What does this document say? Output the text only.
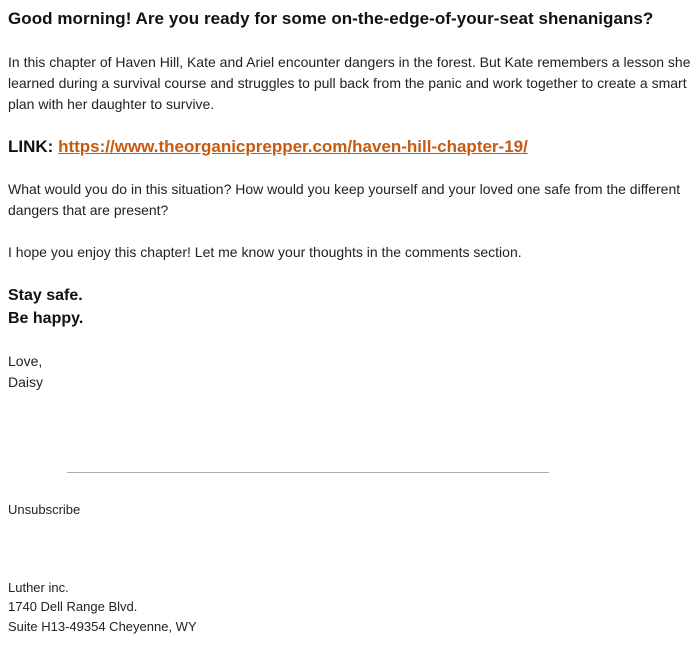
Good morning! Are you ready for some on-the-edge-of-your-seat shenanigans?
In this chapter of Haven Hill, Kate and Ariel encounter dangers in the forest. But Kate remembers a lesson she learned during a survival course and struggles to pull back from the panic and work together to create a smart plan with her daughter to survive.
LINK: https://www.theorganicprepper.com/haven-hill-chapter-19/
What would you do in this situation? How would you keep yourself and your loved one safe from the different dangers that are present?
I hope you enjoy this chapter! Let me know your thoughts in the comments section.
Stay safe.
Be happy.
Love,
Daisy
Unsubscribe
Luther inc.
1740 Dell Range Blvd.
Suite H13-49354 Cheyenne, WY
